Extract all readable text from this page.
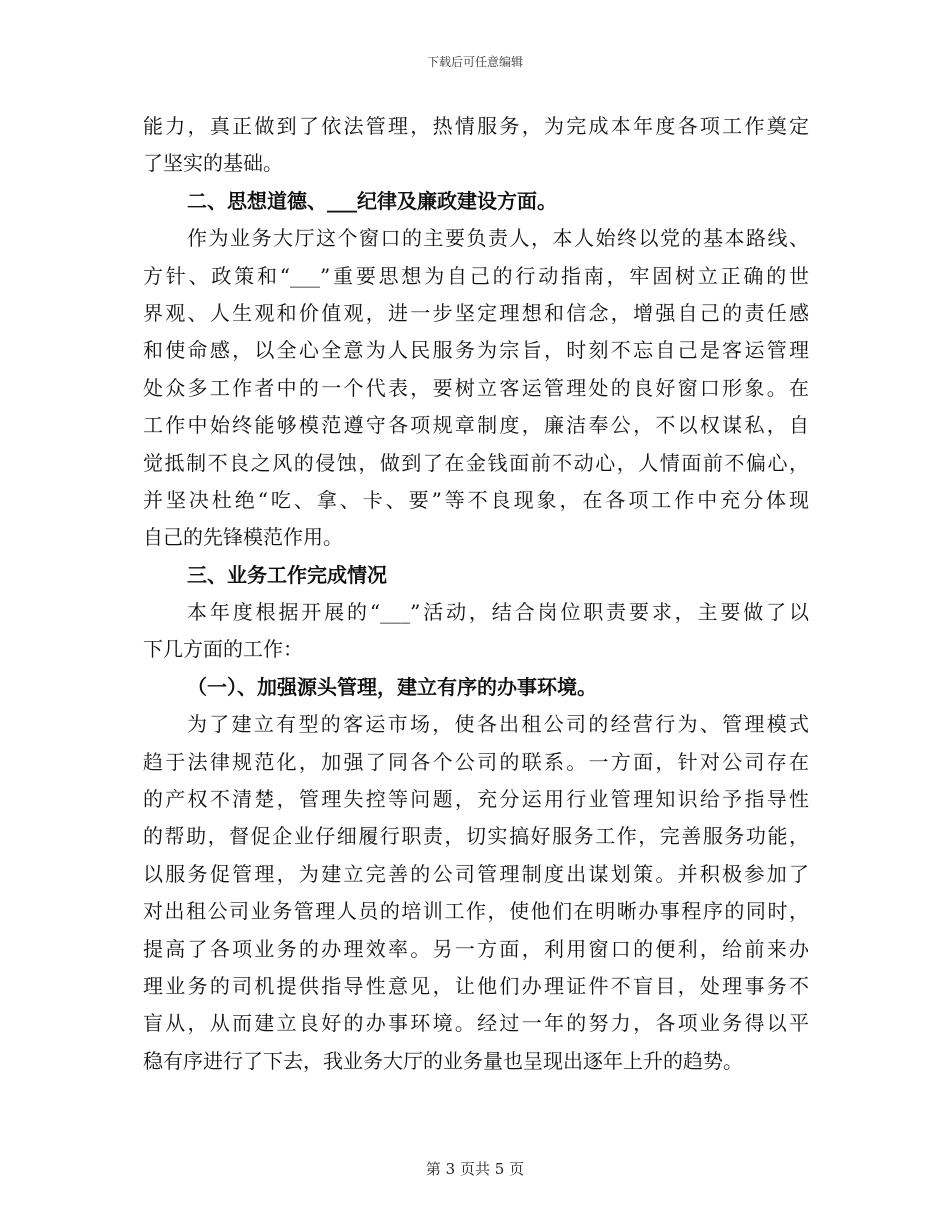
下载后可任意编辑
能力，真正做到了依法管理，热情服务，为完成本年度各项工作奠定
了坚实的基础。
二、思想道德、___纪律及廉政建设方面。
作为业务大厅这个窗口的主要负责人，本人始终以党的基本路线、
方针、政策和“___”重要思想为自己的行动指南，牢固树立正确的世
界观、人生观和价值观，进一步坚定理想和信念，增强自己的责任感
和使命感，以全心全意为人民服务为宗旨，时刻不忘自己是客运管理
处众多工作者中的一个代表，要树立客运管理处的良好窗口形象。在
工作中始终能够模范遵守各项规章制度，廉洁奉公，不以权谋私，自
觉抵制不良之风的侵蚀，做到了在金钱面前不动心，人情面前不偏心，
并坚决杜绝“吃、拿、卡、要”等不良现象，在各项工作中充分体现
自己的先锋模范作用。
三、业务工作完成情况
本年度根据开展的“___”活动，结合岗位职责要求，主要做了以
下几方面的工作：
（一）、加强源头管理，建立有序的办事环境。
为了建立有型的客运市场，使各出租公司的经营行为、管理模式
趋于法律规范化，加强了同各个公司的联系。一方面，针对公司存在
的产权不清楚，管理失控等问题，充分运用行业管理知识给予指导性
的帮助，督促企业仔细履行职责，切实搞好服务工作，完善服务功能，
以服务促管理，为建立完善的公司管理制度出谋划策。并积极参加了
对出租公司业务管理人员的培训工作，使他们在明晰办事程序的同时，
提高了各项业务的办理效率。另一方面，利用窗口的便利，给前来办
理业务的司机提供指导性意见，让他们办理证件不盲目，处理事务不
盲从，从而建立良好的办事环境。经过一年的努力，各项业务得以平
稳有序进行了下去，我业务大厅的业务量也呈现出逐年上升的趋势。
第 3 页共 5 页
